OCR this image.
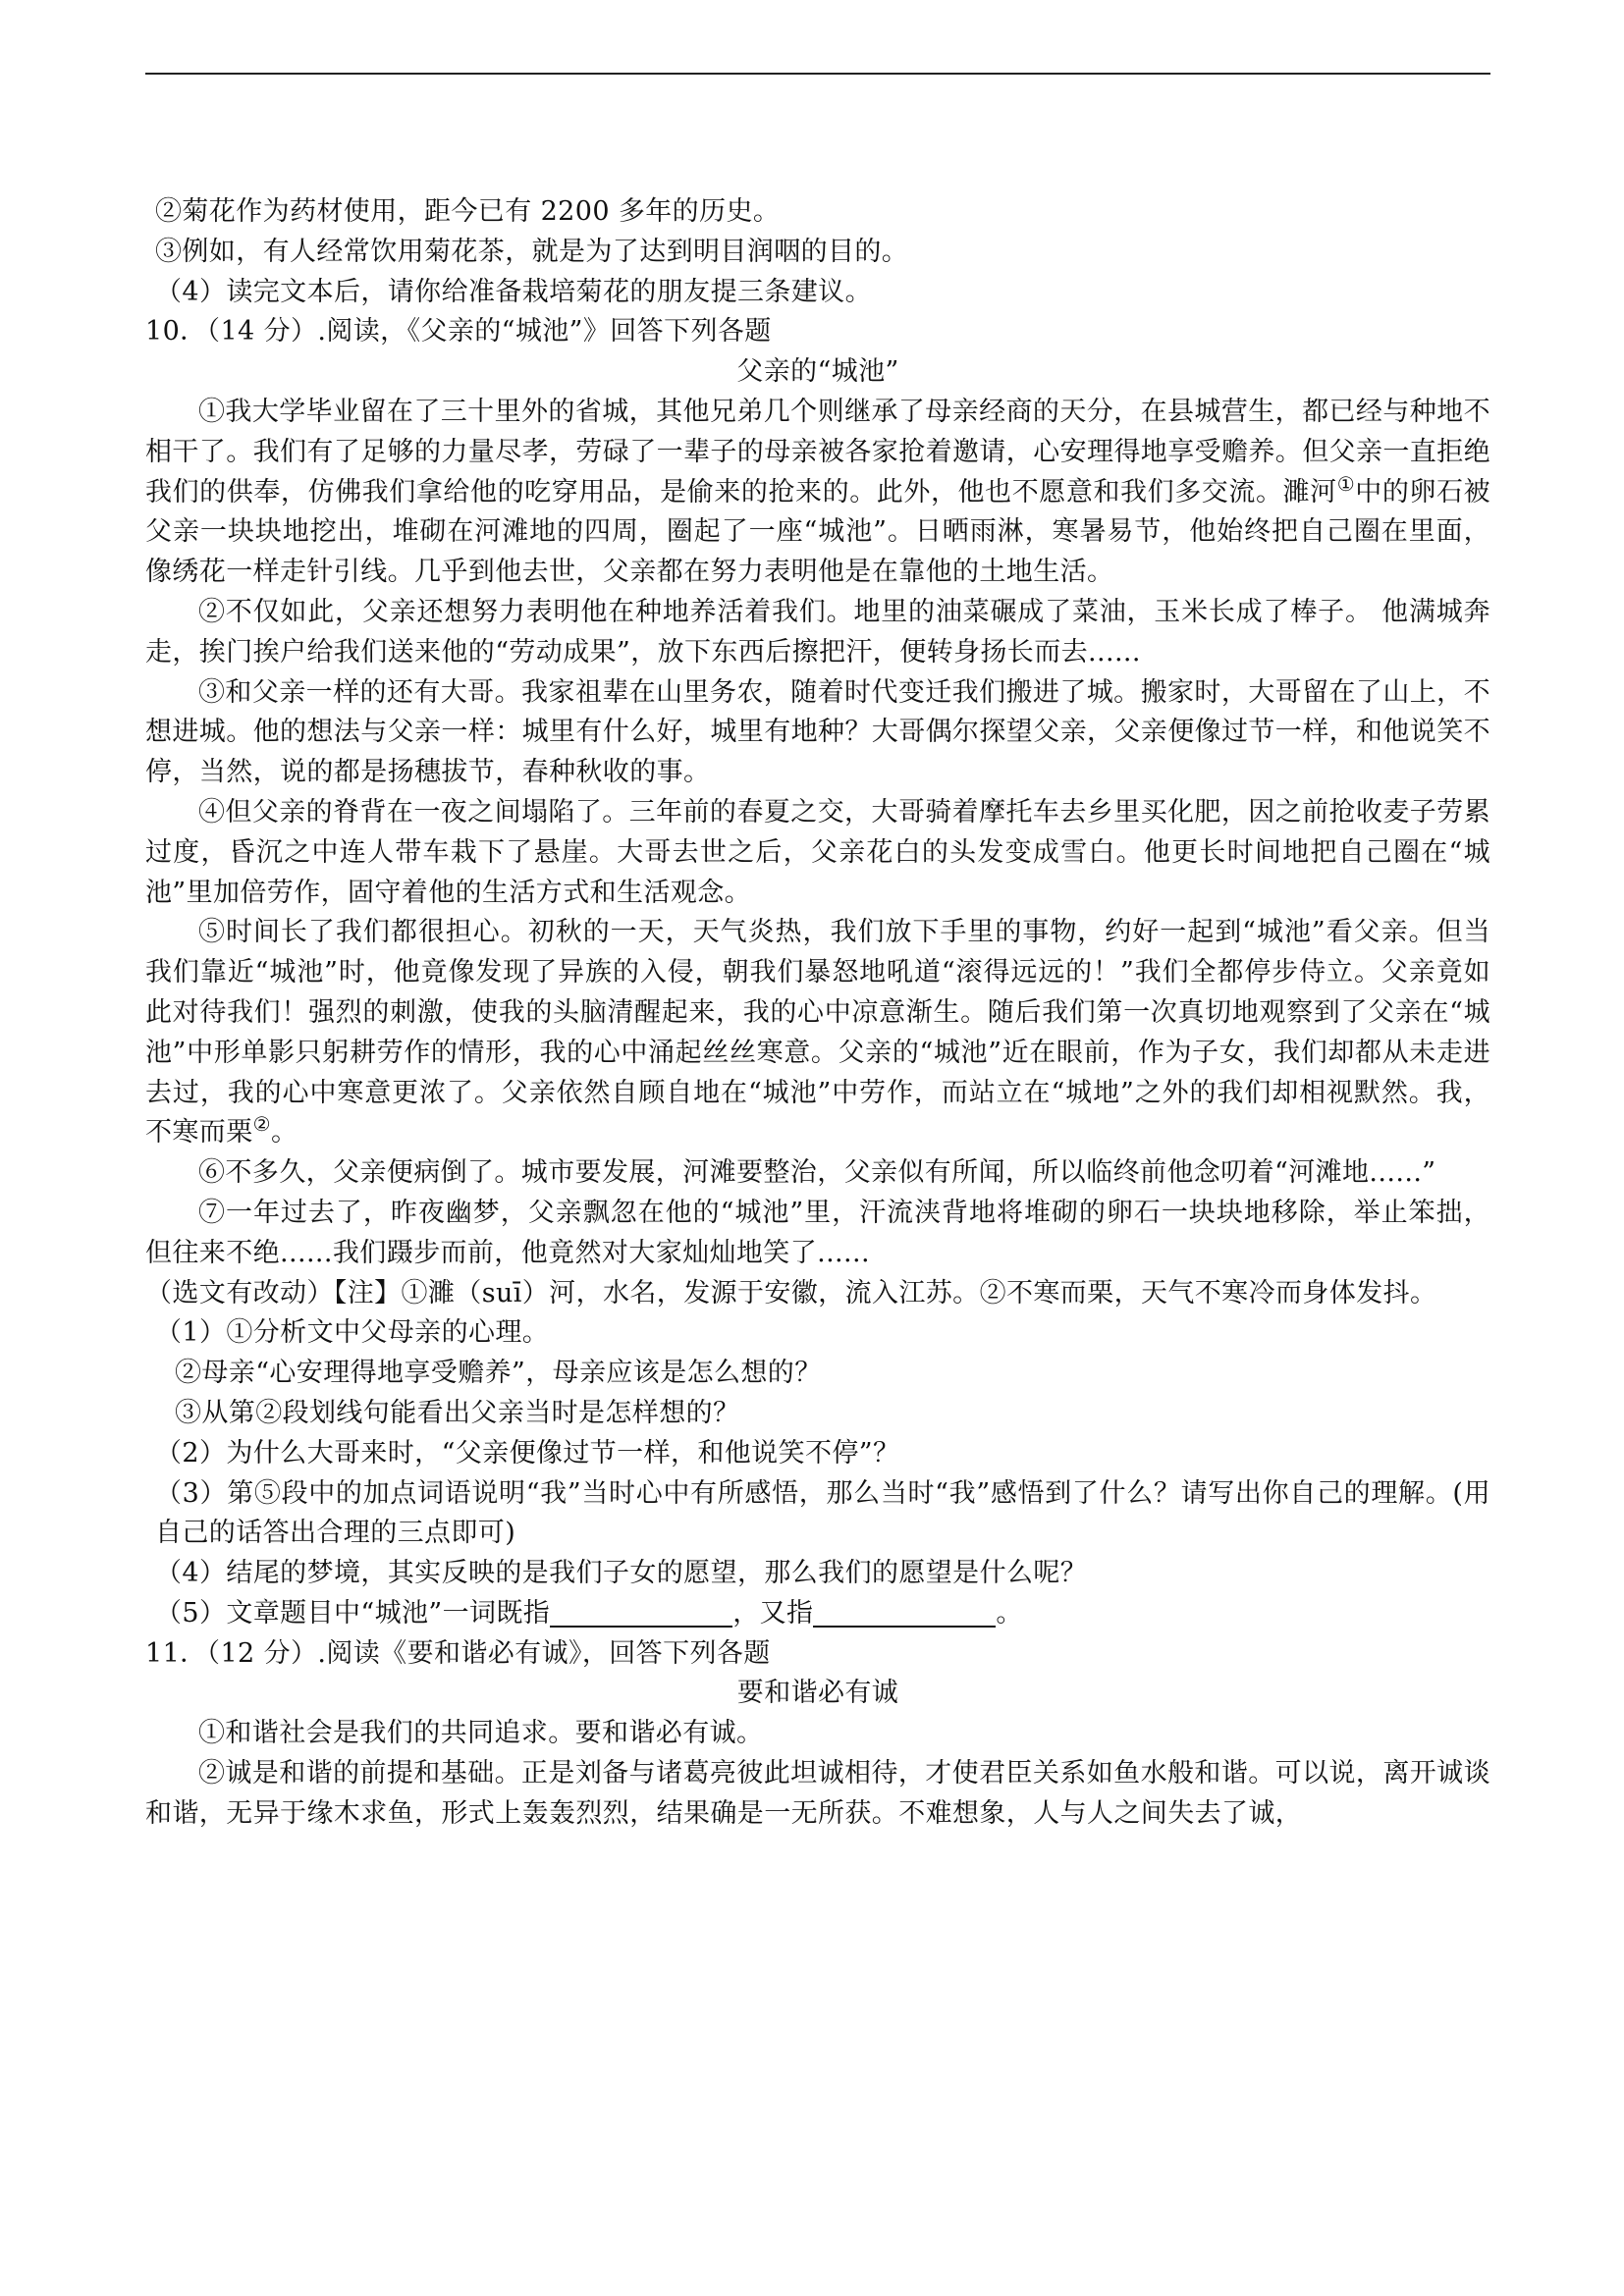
②菊花作为药材使用，距今已有 2200 多年的历史。

③例如，有人经常饮用菊花茶，就是为了达到明目润咽的目的。

（4）读完文本后，请你给准备栽培菊花的朋友提三条建议。

10．（14 分）.阅读，《父亲的“城池”》回答下列各题

父亲的“城池”

①我大学毕业留在了三十里外的省城，其他兄弟几个则继承了母亲经商的天分，在县城营生，都已经与种地不相干了。我们有了足够的力量尽孝，劳碌了一辈子的母亲被各家抢着邀请，心安理得地享受赡养。但父亲一直拒绝我们的供奉，仿佛我们拿给他的吃穿用品，是偷来的抢来的。此外，他也不愿意和我们多交流。濉河①中的卵石被父亲一块块地挖出，堆砌在河滩地的四周，圈起了一座“城池”。日晒雨淋，寒暑易节，他始终把自己圈在里面，像绣花一样走针引线。几乎到他去世，父亲都在努力表明他是在靠他的土地生活。

②不仅如此，父亲还想努力表明他在种地养活着我们。地里的油菜碾成了菜油，玉米长成了棒子。 他满城奔走，挨门挨户给我们送来他的“劳动成果”，放下东西后擦把汗，便转身扬长而去......

③和父亲一样的还有大哥。我家祖辈在山里务农，随着时代变迁我们搬进了城。搬家时，大哥留在了山上，不想进城。他的想法与父亲一样：城里有什么好，城里有地种？大哥偶尔探望父亲，父亲便像过节一样，和他说笑不停，当然，说的都是扬穗拔节，春种秋收的事。

④但父亲的脊背在一夜之间塌陷了。三年前的春夏之交，大哥骑着摩托车去乡里买化肥，因之前抢收麦子劳累过度，昏沉之中连人带车栽下了悬崖。大哥去世之后，父亲花白的头发变成雪白。他更长时间地把自己圈在“城池”里加倍劳作，固守着他的生活方式和生活观念。

⑤时间长了我们都很担心。初秋的一天，天气炎热，我们放下手里的事物，约好一起到“城池”看父亲。但当我们靠近“城池”时，他竟像发现了异族的入侵，朝我们暴怒地吼道“滚得远远的！”我们全都停步侍立。父亲竟如此对待我们！强烈的刺激，使我的头脑清醒起来，我的心中凉意渐生。随后我们第一次真切地观察到了父亲在“城池”中形单影只躬耕劳作的情形，我的心中涌起丝丝寒意。父亲的“城池”近在眼前，作为子女，我们却都从未走进去过，我的心中寒意更浓了。父亲依然自顾自地在“城池”中劳作，而站立在“城地”之外的我们却相视默然。我，不寒而栗②。

⑥不多久，父亲便病倒了。城市要发展，河滩要整治，父亲似有所闻，所以临终前他念叨着“河滩地......”

⑦一年过去了，昨夜幽梦，父亲飘忽在他的“城池”里，汗流浃背地将堆砌的卵石一块块地移除，举止笨拙，但往来不绝......我们蹑步而前，他竟然对大家灿灿地笑了......

（选文有改动）【注】①濉（suī）河，水名，发源于安徽，流入江苏。②不寒而栗，天气不寒冷而身体发抖。

（1）①分析文中父母亲的心理。

②母亲“心安理得地享受赡养”，母亲应该是怎么想的？

③从第②段划线句能看出父亲当时是怎样想的？

（2）为什么大哥来时，“父亲便像过节一样，和他说笑不停”？

（3）第⑤段中的加点词语说明“我”当时心中有所感悟，那么当时“我”感悟到了什么？请写出你自己的理解。(用自己的话答出合理的三点即可)

（4）结尾的梦境，其实反映的是我们子女的愿望，那么我们的愿望是什么呢？

（5）文章题目中“城池”一词既指	，又指	。

11．（12 分）.阅读《要和谐必有诚》，回答下列各题

要和谐必有诚

①和谐社会是我们的共同追求。要和谐必有诚。

②诚是和谐的前提和基础。正是刘备与诸葛亮彼此坦诚相待，才使君臣关系如鱼水般和谐。可以说，离开诚谈和谐，无异于缘木求鱼，形式上轰轰烈烈，结果确是一无所获。不难想象，人与人之间失去了诚，
